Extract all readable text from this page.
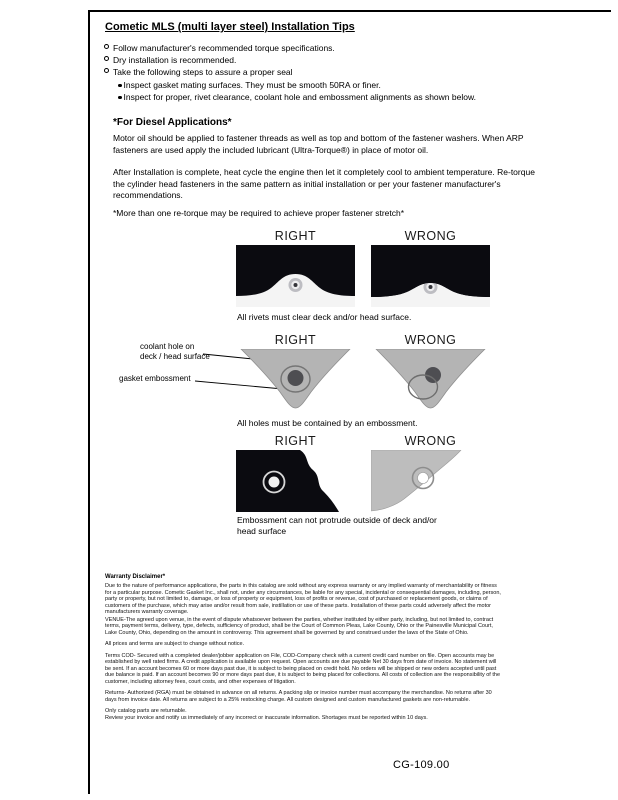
Cometic MLS (multi layer steel) Installation Tips
Follow manufacturer's recommended torque specifications.
Dry installation is recommended.
Take the following steps to assure a proper seal
Inspect gasket mating surfaces. They must be smooth 50RA or finer.
Inspect for proper, rivet clearance, coolant hole and embossment alignments as shown below.
*For Diesel Applications*
Motor oil should be applied to fastener threads as well as top and bottom of the fastener washers. When ARP fasteners are used apply the included lubricant (Ultra-Torque®) in place of motor oil.
After Installation is complete, heat cycle the engine then let it completely cool to ambient temperature. Re-torque the cylinder head fasteners in the same pattern as initial installation or per your fastener manufacturer's recommendations.
*More than one re-torque may be required to achieve proper fastener stretch*
RIGHT	WRONG
All rivets must clear deck and/or head surface.
RIGHT	WRONG
coolant hole on
deck / head surface
gasket embossment
All holes must be contained by an embossment.
RIGHT	WRONG
Embossment can not protrude outside of deck and/or head surface
Warranty Disclaimer*

Due to the nature of performance applications, the parts in this catalog are sold without any express warranty or any implied warranty of merchantability or fitness for a particular purpose. Cometic Gasket Inc., shall not, under any circumstances, be liable for any special, incidental or consequential damages, including, person, party or property, but not limited to, damage, or loss of property or equipment, loss of profits or revenue, cost of purchased or replacement goods, or claims of customers of the purchase, which may arise and/or result from sale, instillation or use of these parts. Installation of these parts could adversely affect the motor manufacturers warranty coverage.

VENUE-The agreed upon venue, in the event of dispute whatsoever between the parties, whether instituted by either party, including, but not limited to, contract terms, payment terms, delivery, type, defects, sufficiency of product, shall be the Court of Common Pleas, Lake County, Ohio or the Painesville Municipal Court, Lake County, Ohio, depending on the amount in controversy. This agreement shall be governed by and construed under the laws of the State of Ohio.

All prices and terms are subject to change without notice.

Terms COD- Secured with a completed dealer/jobber application on File, COD-Company check with a current credit card number on file. Open accounts may be established by well rated firms. A credit application is available upon request. Open accounts are due payable Net 30 days from date of invoice. No statement will be sent. If an account becomes 60 or more days past due, it is subject to being placed on credit hold. No orders will be shipped or new orders accepted until past due balance is paid. If an account becomes 90 or more days past due, it is subject to being placed for collections. All costs of collection are the responsibility of the customer, including attorney fees, court costs, and other expenses of litigation.

Returns- Authorized (RGA) must be obtained in advance on all returns. A packing slip or invoice number must accompany the merchandise. No returns after 30 days from invoice date. All returns are subject to a 25% restocking charge. All custom designed and custom manufactured gaskets are non-returnable.

Only catalog parts are returnable.

Review your invoice and notify us immediately of any incorrect or inaccurate information. Shortages must be reported within 10 days.

CG-109.00
